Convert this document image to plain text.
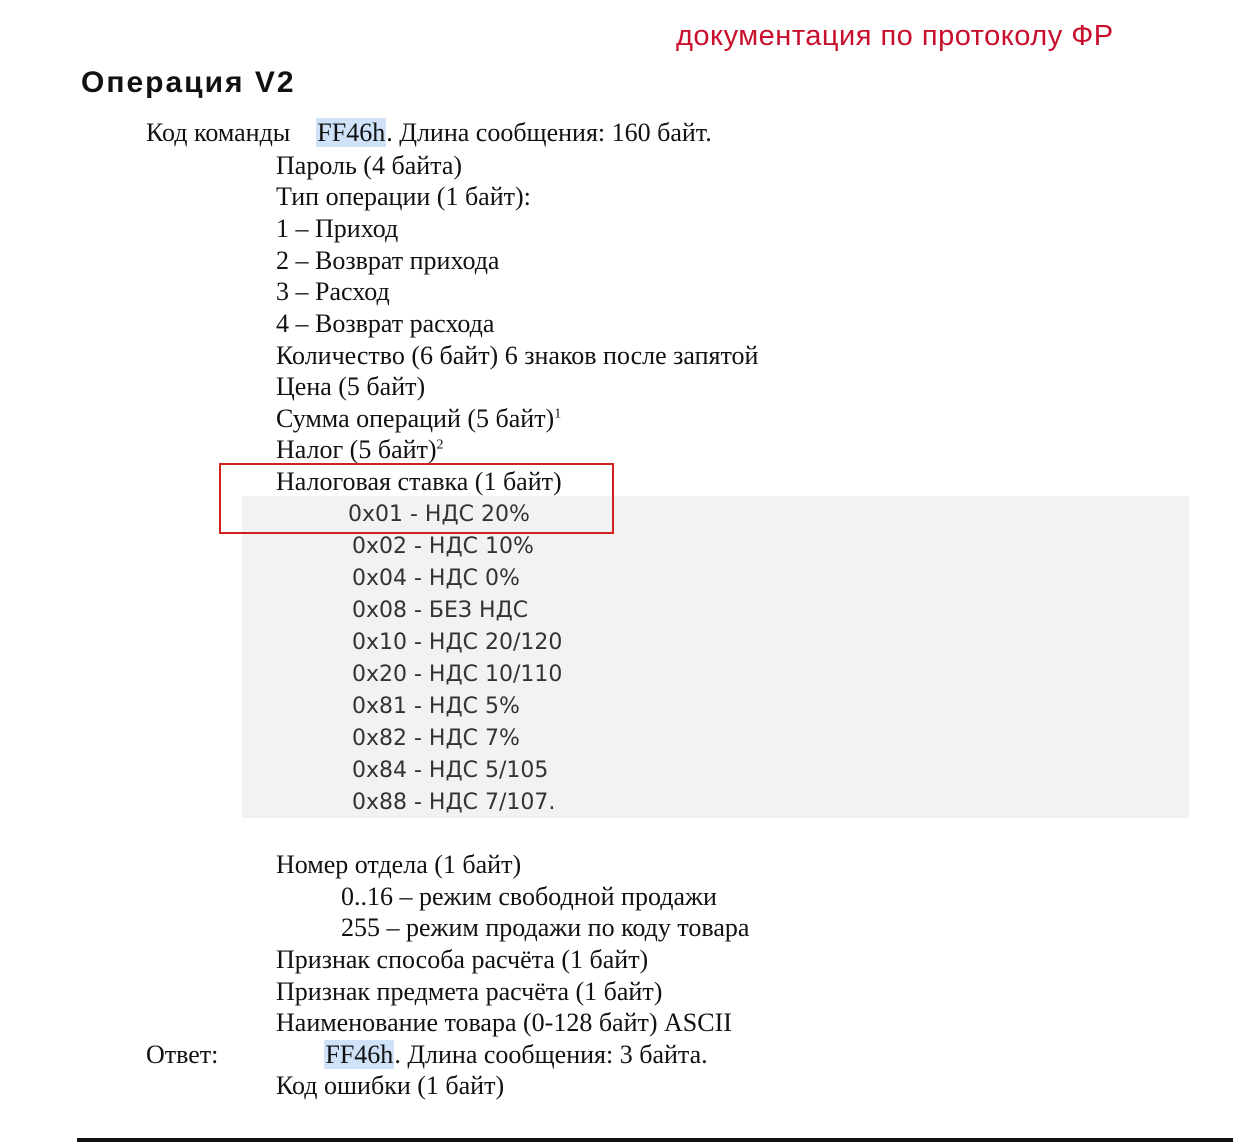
документация по протоколу ФР
Операция V2
Код команды FF46h. Длина сообщения: 160 байт.
Пароль (4 байта)
Тип операции (1 байт):
1 – Приход
2 – Возврат прихода
3 – Расход
4 – Возврат расхода
Количество (6 байт) 6 знаков после запятой
Цена (5 байт)
Сумма операций (5 байт)$^1$
Налог (5 байт)$^2$
Налоговая ставка (1 байт)
0x01 - НДС 20%
0x02 - НДС 10%
0x04 - НДС 0%
0x08 - БЕЗ НДС
0x10 - НДС 20/120
0x20 - НДС 10/110
0x81 - НДС 5%
0x82 - НДС 7%
0x84 - НДС 5/105
0x88 - НДС 7/107.
Номер отдела (1 байт)
0..16 – режим свободной продажи
255 – режим продажи по коду товара
Признак способа расчёта (1 байт)
Признак предмета расчёта (1 байт)
Наименование товара (0-128 байт) ASCII
Ответ:	FF46h. Длина сообщения: 3 байта.
Код ошибки (1 байт)
